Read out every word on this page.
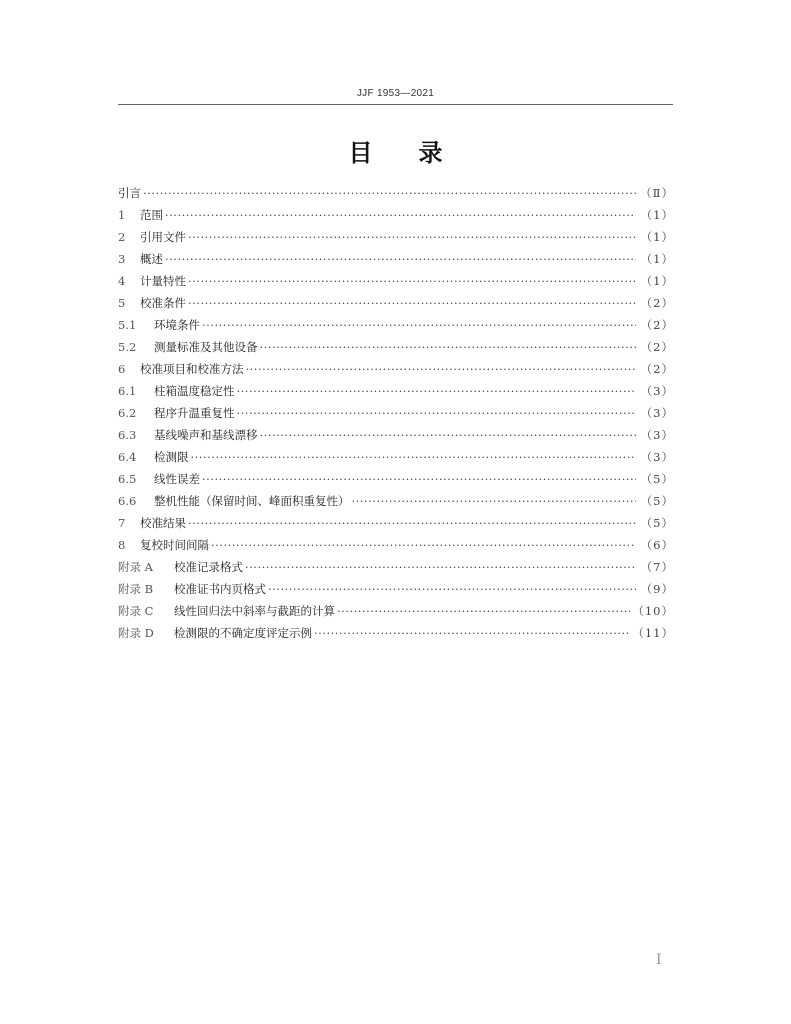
JJF 1953—2021
目 录
引言 ·····	（Ⅱ）
1	范围 ·····	（1）
2	引用文件 ·····	（1）
3	概述 ·····	（1）
4	计量特性 ·····	（1）
5	校准条件 ·····	（2）
5.1	环境条件 ·····	（2）
5.2	测量标准及其他设备 ·····	（2）
6	校准项目和校准方法 ·····	（2）
6.1	柱箱温度稳定性 ·····	（3）
6.2	程序升温重复性 ·····	（3）
6.3	基线噪声和基线漂移 ·····	（3）
6.4	检测限 ·····	（3）
6.5	线性误差 ·····	（5）
6.6	整机性能（保留时间、峰面积重复性） ·····	（5）
7	校准结果 ·····	（5）
8	复校时间间隔 ·····	（6）
附录 A	校准记录格式 ·····	（7）
附录 B	校准证书内页格式 ·····	（9）
附录 C	线性回归法中斜率与截距的计算 ·····	（10）
附录 D	检测限的不确定度评定示例 ·····	（11）
I
